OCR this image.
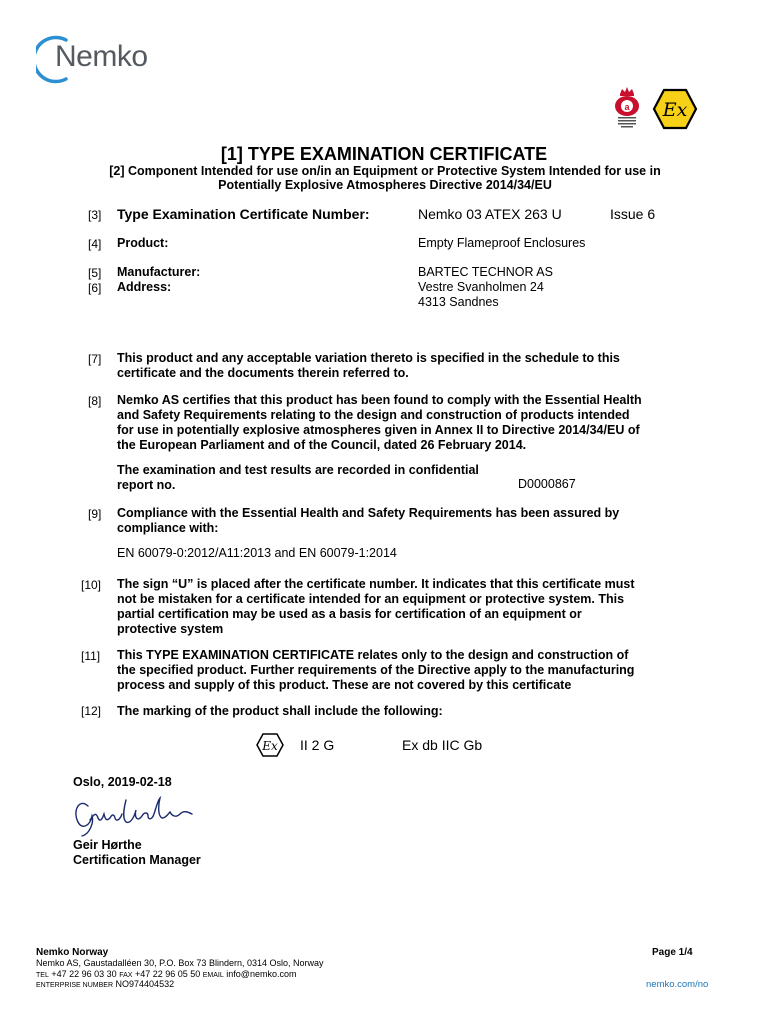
Nemko
a Ex
[1] TYPE EXAMINATION CERTIFICATE
[2] Component Intended for use on/in an Equipment or Protective System Intended for use in
Potentially Explosive Atmospheres Directive 2014/34/EU
[3] Type Examination Certificate Number:	Nemko 03 ATEX 263 U	Issue 6
[4] Product:	Empty Flameproof Enclosures
[5] Manufacturer:	BARTEC TECHNOR AS
[6] Address:	Vestre Svanholmen 24
4313 Sandnes
[7] This product and any acceptable variation thereto is specified in the schedule to this
certificate and the documents therein referred to.
[8] Nemko AS certifies that this product has been found to comply with the Essential Health
and Safety Requirements relating to the design and construction of products intended
for use in potentially explosive atmospheres given in Annex II to Directive 2014/34/EU of
the European Parliament and of the Council, dated 26 February 2014.
The examination and test results are recorded in confidential
report no.	D0000867
[9] Compliance with the Essential Health and Safety Requirements has been assured by
compliance with:
EN 60079-0:2012/A11:2013 and EN 60079-1:2014
[10] The sign “U” is placed after the certificate number. It indicates that this certificate must
not be mistaken for a certificate intended for an equipment or protective system. This
partial certification may be used as a basis for certification of an equipment or
protective system
[11] This TYPE EXAMINATION CERTIFICATE relates only to the design and construction of
the specified product. Further requirements of the Directive apply to the manufacturing
process and supply of this product. These are not covered by this certificate
[12] The marking of the product shall include the following:
Ex II 2 G	Ex db IIC Gb
Oslo, 2019-02-18
Geir Hørthe
Certification Manager
Nemko Norway
Nemko AS, Gaustadalléen 30, P.O. Box 73 Blindern, 0314 Oslo, Norway
TEL +47 22 96 03 30 FAX +47 22 96 05 50 EMAIL info@nemko.com
ENTERPRISE NUMBER NO974404532
Page 1/4
nemko.com/no
